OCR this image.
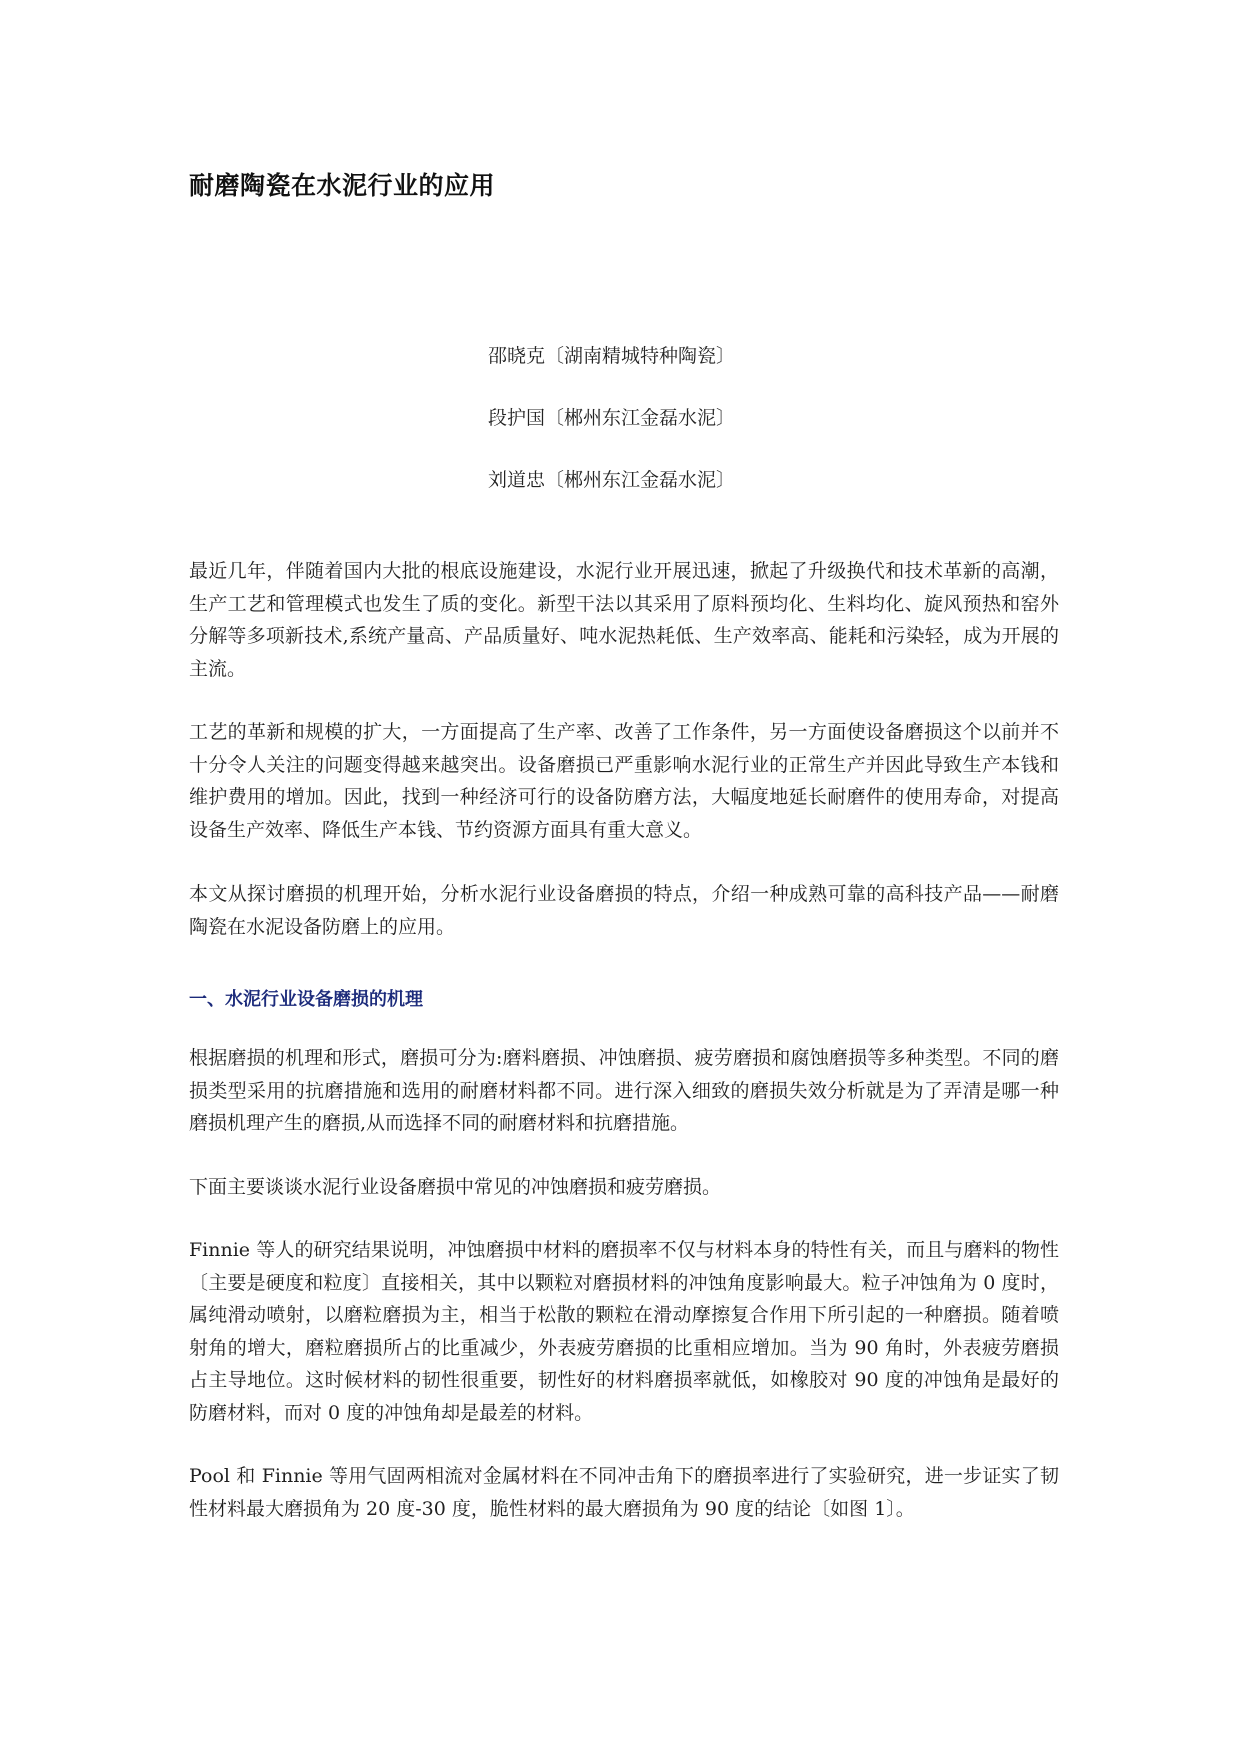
耐磨陶瓷在水泥行业的应用
邵晓克〔湖南精城特种陶瓷〕
段护国〔郴州东江金磊水泥〕
刘道忠〔郴州东江金磊水泥〕

最近几年，伴随着国内大批的根底设施建设，水泥行业开展迅速，掀起了升级换代和技术革新的高潮，生产工艺和管理模式也发生了质的变化。新型干法以其采用了原料预均化、生料均化、旋风预热和窑外分解等多项新技术,系统产量高、产品质量好、吨水泥热耗低、生产效率高、能耗和污染轻，成为开展的主流。

工艺的革新和规模的扩大，一方面提高了生产率、改善了工作条件，另一方面使设备磨损这个以前并不十分令人关注的问题变得越来越突出。设备磨损已严重影响水泥行业的正常生产并因此导致生产本钱和维护费用的增加。因此，找到一种经济可行的设备防磨方法，大幅度地延长耐磨件的使用寿命，对提高设备生产效率、降低生产本钱、节约资源方面具有重大意义。

本文从探讨磨损的机理开始，分析水泥行业设备磨损的特点，介绍一种成熟可靠的高科技产品——耐磨陶瓷在水泥设备防磨上的应用。

一、水泥行业设备磨损的机理

根据磨损的机理和形式，磨损可分为:磨料磨损、冲蚀磨损、疲劳磨损和腐蚀磨损等多种类型。不同的磨损类型采用的抗磨措施和选用的耐磨材料都不同。进行深入细致的磨损失效分析就是为了弄清是哪一种磨损机理产生的磨损,从而选择不同的耐磨材料和抗磨措施。

下面主要谈谈水泥行业设备磨损中常见的冲蚀磨损和疲劳磨损。

Finnie 等人的研究结果说明，冲蚀磨损中材料的磨损率不仅与材料本身的特性有关，而且与磨料的物性〔主要是硬度和粒度〕直接相关，其中以颗粒对磨损材料的冲蚀角度影响最大。粒子冲蚀角为 0 度时，属纯滑动喷射，以磨粒磨损为主，相当于松散的颗粒在滑动摩擦复合作用下所引起的一种磨损。随着喷射角的增大，磨粒磨损所占的比重减少，外表疲劳磨损的比重相应增加。当为 90 角时，外表疲劳磨损占主导地位。这时候材料的韧性很重要，韧性好的材料磨损率就低，如橡胶对 90 度的冲蚀角是最好的防磨材料，而对 0 度的冲蚀角却是最差的材料。

Pool 和 Finnie 等用气固两相流对金属材料在不同冲击角下的磨损率进行了实验研究，进一步证实了韧性材料最大磨损角为 20 度-30 度，脆性材料的最大磨损角为 90 度的结论〔如图 1〕。
